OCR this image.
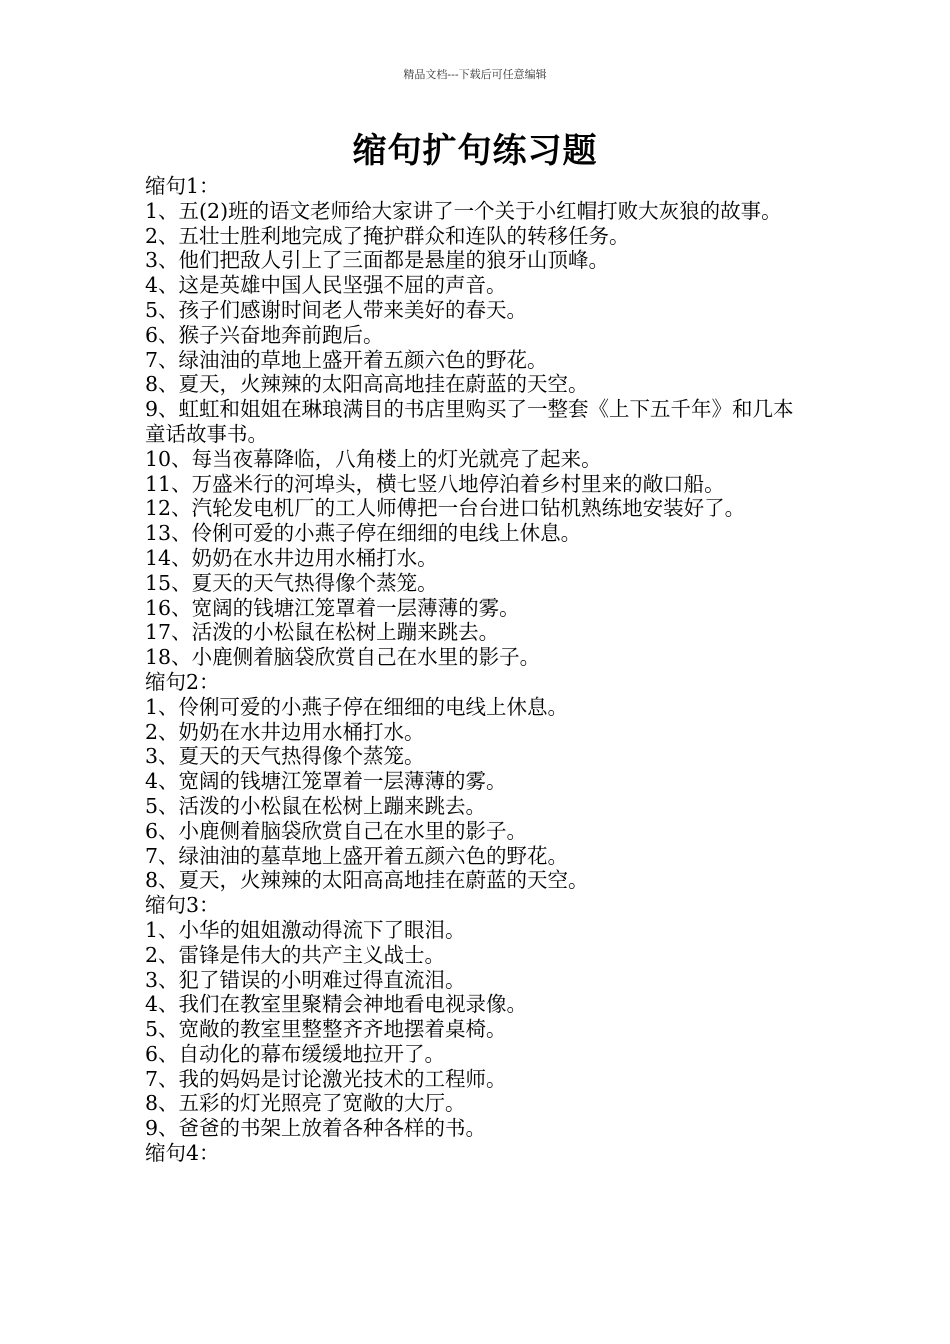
精品文档---下载后可任意编辑
缩句扩句练习题
缩句1：
1、五(2)班的语文老师给大家讲了一个关于小红帽打败大灰狼的故事。
2、五壮士胜利地完成了掩护群众和连队的转移任务。
3、他们把敌人引上了三面都是悬崖的狼牙山顶峰。
4、这是英雄中国人民坚强不屈的声音。
5、孩子们感谢时间老人带来美好的春天。
6、猴子兴奋地奔前跑后。
7、绿油油的草地上盛开着五颜六色的野花。
8、夏天，火辣辣的太阳高高地挂在蔚蓝的天空。
9、虹虹和姐姐在琳琅满目的书店里购买了一整套《上下五千年》和几本童话故事书。
10、每当夜幕降临，八角楼上的灯光就亮了起来。
11、万盛米行的河埠头，横七竖八地停泊着乡村里来的敞口船。
12、汽轮发电机厂的工人师傅把一台台进口钻机熟练地安装好了。
13、伶俐可爱的小燕子停在细细的电线上休息。
14、奶奶在水井边用水桶打水。
15、夏天的天气热得像个蒸笼。
16、宽阔的钱塘江笼罩着一层薄薄的雾。
17、活泼的小松鼠在松树上蹦来跳去。
18、小鹿侧着脑袋欣赏自己在水里的影子。
缩句2：
1、伶俐可爱的小燕子停在细细的电线上休息。
2、奶奶在水井边用水桶打水。
3、夏天的天气热得像个蒸笼。
4、宽阔的钱塘江笼罩着一层薄薄的雾。
5、活泼的小松鼠在松树上蹦来跳去。
6、小鹿侧着脑袋欣赏自己在水里的影子。
7、绿油油的墓草地上盛开着五颜六色的野花。
8、夏天，火辣辣的太阳高高地挂在蔚蓝的天空。
缩句3：
1、小华的姐姐激动得流下了眼泪。
2、雷锋是伟大的共产主义战士。
3、犯了错误的小明难过得直流泪。
4、我们在教室里聚精会神地看电视录像。
5、宽敞的教室里整整齐齐地摆着桌椅。
6、自动化的幕布缓缓地拉开了。
7、我的妈妈是讨论激光技术的工程师。
8、五彩的灯光照亮了宽敞的大厅。
9、爸爸的书架上放着各种各样的书。
缩句4：
